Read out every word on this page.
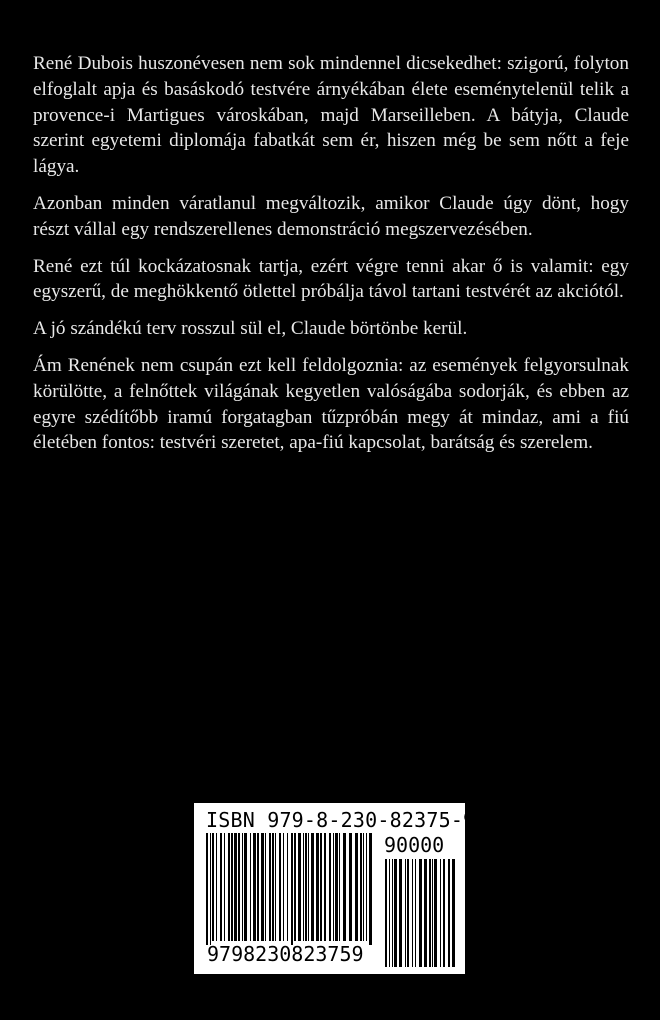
René Dubois huszonévesen nem sok mindennel dicsekedhet: szigorú, folyton elfoglalt apja és basáskodó testvére árnyékában élete eseménytelenül telik a provence-i Martigues városkában, majd Marseilleben. A bátyja, Claude szerint egyetemi diplomája fabatkát sem ér, hiszen még be sem nőtt a feje lágya.

Azonban minden váratlanul megváltozik, amikor Claude úgy dönt, hogy részt vállal egy rendszerellenes demonstráció megszervezésében.

René ezt túl kockázatosnak tartja, ezért végre tenni akar ő is valamit: egy egyszerű, de meghökkentő ötlettel próbálja távol tartani testvérét az akciótól.

A jó szándékú terv rosszul sül el, Claude börtönbe kerül.

Ám Renének nem csupán ezt kell feldolgoznia: az események felgyorsulnak körülötte, a felnőttek világának kegyetlen valóságába sodorják, és ebben az egyre szédítőbb iramú forgatagban tűzpróbán megy át mindaz, ami a fiú életében fontos: testvéri szeretet, apa-fiú kapcsolat, barátság és szerelem.

ISBN 979-8-230-82375-9
90000
9798230823759
